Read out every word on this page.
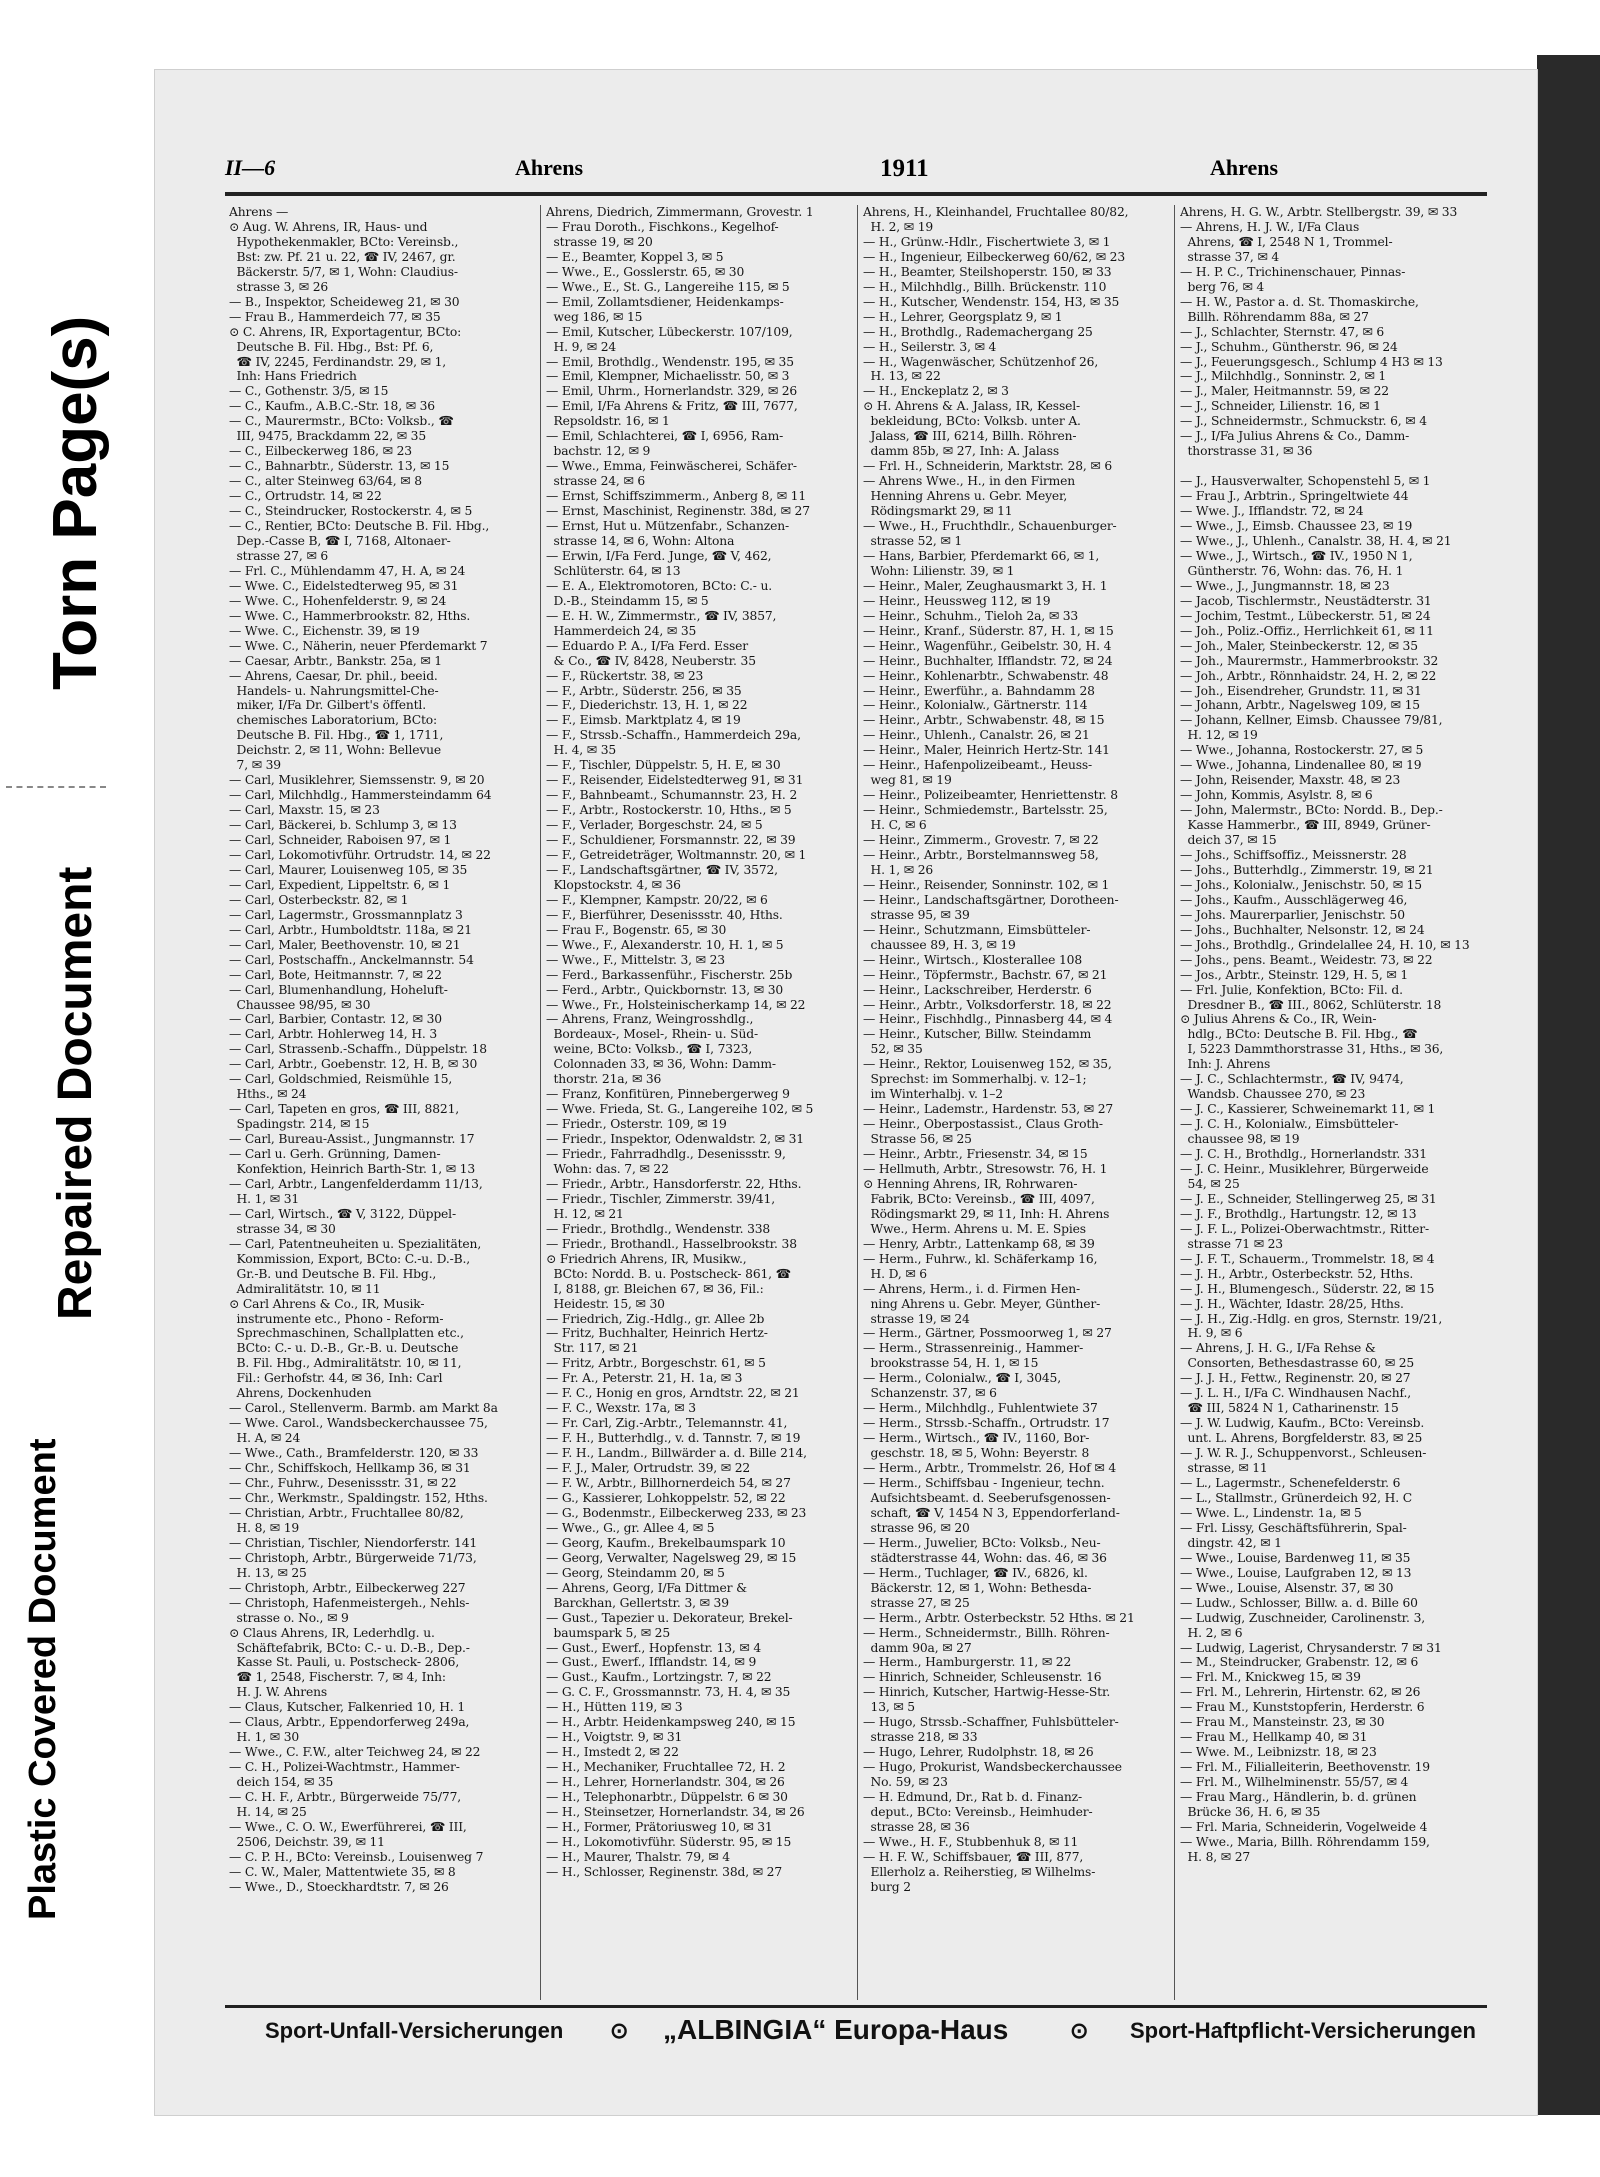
Torn Page(s)
Repaired Document
Plastic Covered Document
II—6	Ahrens	1911	Ahrens
Ahrens —
⊙ Aug. W. Ahrens, IR, Haus- und
Hypothekenmakler, BCto: Vereinsb.,
Bst: zw. Pf. 21 u. 22, ☎ IV, 2467, gr.
Bäckerstr. 5/7, ✉ 1, Wohn: Claudius-
strasse 3, ✉ 26
— B., Inspektor, Scheideweg 21, ✉ 30
— Frau B., Hammerdeich 77, ✉ 35
⊙ C. Ahrens, IR, Exportagentur, BCto:
Deutsche B. Fil. Hbg., Bst: Pf. 6,
☎ IV, 2245, Ferdinandstr. 29, ✉ 1,
Inh: Hans Friedrich
— C., Gothenstr. 3/5, ✉ 15
— C., Kaufm., A.B.C.-Str. 18, ✉ 36
— C., Maurermstr., BCto: Volksb., ☎
III, 9475, Brackdamm 22, ✉ 35
— C., Eilbeckerweg 186, ✉ 23
— C., Bahnarbtr., Süderstr. 13, ✉ 15
— C., alter Steinweg 63/64, ✉ 8
— C., Ortrudstr. 14, ✉ 22
— C., Steindrucker, Rostockerstr. 4, ✉ 5
— C., Rentier, BCto: Deutsche B. Fil. Hbg.,
Dep.-Casse B, ☎ I, 7168, Altonaer-
strasse 27, ✉ 6
— Frl. C., Mühlendamm 47, H. A, ✉ 24
— Wwe. C., Eidelstedterweg 95, ✉ 31
— Wwe. C., Hohenfelderstr. 9, ✉ 24
— Wwe. C., Hammerbrookstr. 82, Hths.
— Wwe. C., Eichenstr. 39, ✉ 19
— Wwe. C., Näherin, neuer Pferdemarkt 7
— Caesar, Arbtr., Bankstr. 25a, ✉ 1
— Ahrens, Caesar, Dr. phil., beeid.
Handels- u. Nahrungsmittel-Che-
miker, I/Fa Dr. Gilbert's öffentl.
chemisches Laboratorium, BCto:
Deutsche B. Fil. Hbg., ☎ 1, 1711,
Deichstr. 2, ✉ 11, Wohn: Bellevue
7, ✉ 39
— Carl, Musiklehrer, Siemssenstr. 9, ✉ 20
— Carl, Milchhdlg., Hammersteindamm 64
— Carl, Maxstr. 15, ✉ 23
— Carl, Bäckerei, b. Schlump 3, ✉ 13
— Carl, Schneider, Raboisen 97, ✉ 1
— Carl, Lokomotivführ. Ortrudstr. 14, ✉ 22
— Carl, Maurer, Louisenweg 105, ✉ 35
— Carl, Expedient, Lippeltstr. 6, ✉ 1
— Carl, Osterbeckstr. 82, ✉ 1
— Carl, Lagermstr., Grossmannplatz 3
— Carl, Arbtr., Humboldtstr. 118a, ✉ 21
— Carl, Maler, Beethovenstr. 10, ✉ 21
— Carl, Postschaffn., Anckelmannstr. 54
— Carl, Bote, Heitmannstr. 7, ✉ 22
— Carl, Blumenhandlung, Hoheluft-
Chaussee 98/95, ✉ 30
— Carl, Barbier, Contastr. 12, ✉ 30
— Carl, Arbtr. Hohlerweg 14, H. 3
— Carl, Strassenb.-Schaffn., Düppelstr. 18
— Carl, Arbtr., Goebenstr. 12, H. B, ✉ 30
— Carl, Goldschmied, Reismühle 15,
Hths., ✉ 24
— Carl, Tapeten en gros, ☎ III, 8821,
Spadingstr. 214, ✉ 15
— Carl, Bureau-Assist., Jungmannstr. 17
— Carl u. Gerh. Grünning, Damen-
Konfektion, Heinrich Barth-Str. 1, ✉ 13
— Carl, Arbtr., Langenfelderdamm 11/13,
H. 1, ✉ 31
— Carl, Wirtsch., ☎ V, 3122, Düppel-
strasse 34, ✉ 30
— Carl, Patentneuheiten u. Spezialitäten,
Kommission, Export, BCto: C.-u. D.-B.,
Gr.-B. und Deutsche B. Fil. Hbg.,
Admiralitätstr. 10, ✉ 11
⊙ Carl Ahrens & Co., IR, Musik-
instrumente etc., Phono - Reform-
Sprechmaschinen, Schallplatten etc.,
BCto: C.- u. D.-B., Gr.-B. u. Deutsche
B. Fil. Hbg., Admiralitätstr. 10, ✉ 11,
Fil.: Gerhofstr. 44, ✉ 36, Inh: Carl
Ahrens, Dockenhuden
— Carol., Stellenverm. Barmb. am Markt 8a
— Wwe. Carol., Wandsbeckerchaussee 75,
H. A, ✉ 24
— Wwe., Cath., Bramfelderstr. 120, ✉ 33
— Chr., Schiffskoch, Hellkamp 36, ✉ 31
— Chr., Fuhrw., Desenissstr. 31, ✉ 22
— Chr., Werkmstr., Spaldingstr. 152, Hths.
— Christian, Arbtr., Fruchtallee 80/82,
H. 8, ✉ 19
— Christian, Tischler, Niendorferstr. 141
— Christoph, Arbtr., Bürgerweide 71/73,
H. 13, ✉ 25
— Christoph, Arbtr., Eilbeckerweg 227
— Christoph, Hafenmeistergeh., Nehls-
strasse o. No., ✉ 9
⊙ Claus Ahrens, IR, Lederhdlg. u.
Schäftefabrik, BCto: C.- u. D.-B., Dep.-
Kasse St. Pauli, u. Postscheck- 2806,
☎ 1, 2548, Fischerstr. 7, ✉ 4, Inh:
H. J. W. Ahrens
— Claus, Kutscher, Falkenried 10, H. 1
— Claus, Arbtr., Eppendorferweg 249a,
H. 1, ✉ 30
— Wwe., C. F.W., alter Teichweg 24, ✉ 22
— C. H., Polizei-Wachtmstr., Hammer-
deich 154, ✉ 35
— C. H. F., Arbtr., Bürgerweide 75/77,
H. 14, ✉ 25
— Wwe., C. O. W., Ewerführerei, ☎ III,
2506, Deichstr. 39, ✉ 11
— C. P. H., BCto: Vereinsb., Louisenweg 7
— C. W., Maler, Mattentwiete 35, ✉ 8
— Wwe., D., Stoeckhardtstr. 7, ✉ 26
Ahrens, Diedrich, Zimmermann, Grovestr. 1
— Frau Doroth., Fischkons., Kegelhof-
strasse 19, ✉ 20
— E., Beamter, Koppel 3, ✉ 5
— Wwe., E., Gosslerstr. 65, ✉ 30
— Wwe., E., St. G., Langereihe 115, ✉ 5
— Emil, Zollamtsdiener, Heidenkamps-
weg 186, ✉ 15
— Emil, Kutscher, Lübeckerstr. 107/109,
H. 9, ✉ 24
— Emil, Brothdlg., Wendenstr. 195, ✉ 35
— Emil, Klempner, Michaelisstr. 50, ✉ 3
— Emil, Uhrm., Hornerlandstr. 329, ✉ 26
— Emil, I/Fa Ahrens & Fritz, ☎ III, 7677,
Repsoldstr. 16, ✉ 1
— Emil, Schlachterei, ☎ I, 6956, Ram-
bachstr. 12, ✉ 9
— Wwe., Emma, Feinwäscherei, Schäfer-
strasse 24, ✉ 6
— Ernst, Schiffszimmerm., Anberg 8, ✉ 11
— Ernst, Maschinist, Reginenstr. 38d, ✉ 27
— Ernst, Hut u. Mützenfabr., Schanzen-
strasse 14, ✉ 6, Wohn: Altona
— Erwin, I/Fa Ferd. Junge, ☎ V, 462,
Schlüterstr. 64, ✉ 13
— E. A., Elektromotoren, BCto: C.- u.
D.-B., Steindamm 15, ✉ 5
— E. H. W., Zimmermstr., ☎ IV, 3857,
Hammerdeich 24, ✉ 35
— Eduardo P. A., I/Fa Ferd. Esser
& Co., ☎ IV, 8428, Neuberstr. 35
— F., Rückertstr. 38, ✉ 23
— F., Arbtr., Süderstr. 256, ✉ 35
— F., Diederichstr. 13, H. 1, ✉ 22
— F., Eimsb. Marktplatz 4, ✉ 19
— F., Strssb.-Schaffn., Hammerdeich 29a,
H. 4, ✉ 35
— F., Tischler, Düppelstr. 5, H. E, ✉ 30
— F., Reisender, Eidelstedterweg 91, ✉ 31
— F., Bahnbeamt., Schumannstr. 23, H. 2
— F., Arbtr., Rostockerstr. 10, Hths., ✉ 5
— F., Verlader, Borgeschstr. 24, ✉ 5
— F., Schuldiener, Forsmannstr. 22, ✉ 39
— F., Getreideträger, Woltmannstr. 20, ✉ 1
— F., Landschaftsgärtner, ☎ IV, 3572,
Klopstockstr. 4, ✉ 36
— F., Klempner, Kampstr. 20/22, ✉ 6
— F., Bierführer, Desenissstr. 40, Hths.
— Frau F., Bogenstr. 65, ✉ 30
— Wwe., F., Alexanderstr. 10, H. 1, ✉ 5
— Wwe., F., Mittelstr. 3, ✉ 23
— Ferd., Barkassenführ., Fischerstr. 25b
— Ferd., Arbtr., Quickbornstr. 13, ✉ 30
— Wwe., Fr., Holsteinischerkamp 14, ✉ 22
— Ahrens, Franz, Weingrosshdlg.,
Bordeaux-, Mosel-, Rhein- u. Süd-
weine, BCto: Volksb., ☎ I, 7323,
Colonnaden 33, ✉ 36, Wohn: Damm-
thorstr. 21a, ✉ 36
— Franz, Konfitüren, Pinnebergerweg 9
— Wwe. Frieda, St. G., Langereihe 102, ✉ 5
— Friedr., Osterstr. 109, ✉ 19
— Friedr., Inspektor, Odenwaldstr. 2, ✉ 31
— Friedr., Fahrradhdlg., Desenissstr. 9,
Wohn: das. 7, ✉ 22
— Friedr., Arbtr., Hansdorferstr. 22, Hths.
— Friedr., Tischler, Zimmerstr. 39/41,
H. 12, ✉ 21
— Friedr., Brothdlg., Wendenstr. 338
— Friedr., Brothandl., Hasselbrookstr. 38
⊙ Friedrich Ahrens, IR, Musikw.,
BCto: Nordd. B. u. Postscheck- 861, ☎
I, 8188, gr. Bleichen 67, ✉ 36, Fil.:
Heidestr. 15, ✉ 30
— Friedrich, Zig.-Hdlg., gr. Allee 2b
— Fritz, Buchhalter, Heinrich Hertz-
Str. 117, ✉ 21
— Fritz, Arbtr., Borgeschstr. 61, ✉ 5
— Fr. A., Peterstr. 21, H. 1a, ✉ 3
— F. C., Honig en gros, Arndtstr. 22, ✉ 21
— F. C., Wexstr. 17a, ✉ 3
— Fr. Carl, Zig.-Arbtr., Telemannstr. 41,
— F. H., Butterhdlg., v. d. Tannstr. 7, ✉ 19
— F. H., Landm., Billwärder a. d. Bille 214,
— F. J., Maler, Ortrudstr. 39, ✉ 22
— F. W., Arbtr., Billhornerdeich 54, ✉ 27
— G., Kassierer, Lohkoppelstr. 52, ✉ 22
— G., Bodenmstr., Eilbeckerweg 233, ✉ 23
— Wwe., G., gr. Allee 4, ✉ 5
— Georg, Kaufm., Brekelbaumspark 10
— Georg, Verwalter, Nagelsweg 29, ✉ 15
— Georg, Steindamm 20, ✉ 5
— Ahrens, Georg, I/Fa Dittmer &
Barckhan, Gellertstr. 3, ✉ 39
— Gust., Tapezier u. Dekorateur, Brekel-
baumspark 5, ✉ 25
— Gust., Ewerf., Hopfenstr. 13, ✉ 4
— Gust., Ewerf., Ifflandstr. 14, ✉ 9
— Gust., Kaufm., Lortzingstr. 7, ✉ 22
— G. C. F., Grossmannstr. 73, H. 4, ✉ 35
— H., Hütten 119, ✉ 3
— H., Arbtr. Heidenkampsweg 240, ✉ 15
— H., Voigtstr. 9, ✉ 31
— H., Imstedt 2, ✉ 22
— H., Mechaniker, Fruchtallee 72, H. 2
— H., Lehrer, Hornerlandstr. 304, ✉ 26
— H., Telephonarbtr., Düppelstr. 6 ✉ 30
— H., Steinsetzer, Hornerlandstr. 34, ✉ 26
— H., Former, Prätoriusweg 10, ✉ 31
— H., Lokomotivführ. Süderstr. 95, ✉ 15
— H., Maurer, Thalstr. 79, ✉ 4
— H., Schlosser, Reginenstr. 38d, ✉ 27
Ahrens, H., Kleinhandel, Fruchtallee 80/82,
H. 2, ✉ 19
— H., Grünw.-Hdlr., Fischertwiete 3, ✉ 1
— H., Ingenieur, Eilbeckerweg 60/62, ✉ 23
— H., Beamter, Steilshoperstr. 150, ✉ 33
— H., Milchhdlg., Billh. Brückenstr. 110
— H., Kutscher, Wendenstr. 154, H3, ✉ 35
— H., Lehrer, Georgsplatz 9, ✉ 1
— H., Brothdlg., Rademachergang 25
— H., Seilerstr. 3, ✉ 4
— H., Wagenwäscher, Schützenhof 26,
H. 13, ✉ 22
— H., Enckeplatz 2, ✉ 3
⊙ H. Ahrens & A. Jalass, IR, Kessel-
bekleidung, BCto: Volksb. unter A.
Jalass, ☎ III, 6214, Billh. Röhren-
damm 85b, ✉ 27, Inh: A. Jalass
— Frl. H., Schneiderin, Marktstr. 28, ✉ 6
— Ahrens Wwe., H., in den Firmen
Henning Ahrens u. Gebr. Meyer,
Rödingsmarkt 29, ✉ 11
— Wwe., H., Fruchthdlr., Schauenburger-
strasse 52, ✉ 1
— Hans, Barbier, Pferdemarkt 66, ✉ 1,
Wohn: Lilienstr. 39, ✉ 1
— Heinr., Maler, Zeughausmarkt 3, H. 1
— Heinr., Heussweg 112, ✉ 19
— Heinr., Schuhm., Tieloh 2a, ✉ 33
— Heinr., Kranf., Süderstr. 87, H. 1, ✉ 15
— Heinr., Wagenführ., Geibelstr. 30, H. 4
— Heinr., Buchhalter, Ifflandstr. 72, ✉ 24
— Heinr., Kohlenarbtr., Schwabenstr. 48
— Heinr., Ewerführ., a. Bahndamm 28
— Heinr., Kolonialw., Gärtnerstr. 114
— Heinr., Arbtr., Schwabenstr. 48, ✉ 15
— Heinr., Uhlenh., Canalstr. 26, ✉ 21
— Heinr., Maler, Heinrich Hertz-Str. 141
— Heinr., Hafenpolizeibeamt., Heuss-
weg 81, ✉ 19
— Heinr., Polizeibeamter, Henriettenstr. 8
— Heinr., Schmiedemstr., Bartelsstr. 25,
H. C, ✉ 6
— Heinr., Zimmerm., Grovestr. 7, ✉ 22
— Heinr., Arbtr., Borstelmannsweg 58,
H. 1, ✉ 26
— Heinr., Reisender, Sonninstr. 102, ✉ 1
— Heinr., Landschaftsgärtner, Dorotheen-
strasse 95, ✉ 39
— Heinr., Schutzmann, Eimsbütteler-
chaussee 89, H. 3, ✉ 19
— Heinr., Wirtsch., Klosterallee 108
— Heinr., Töpfermstr., Bachstr. 67, ✉ 21
— Heinr., Lackschreiber, Herderstr. 6
— Heinr., Arbtr., Volksdorferstr. 18, ✉ 22
— Heinr., Fischhdlg., Pinnasberg 44, ✉ 4
— Heinr., Kutscher, Billw. Steindamm
52, ✉ 35
— Heinr., Rektor, Louisenweg 152, ✉ 35,
Sprechst: im Sommerhalbj. v. 12–1;
im Winterhalbj. v. 1–2
— Heinr., Lademstr., Hardenstr. 53, ✉ 27
— Heinr., Oberpostassist., Claus Groth-
Strasse 56, ✉ 25
— Heinr., Arbtr., Friesenstr. 34, ✉ 15
— Hellmuth, Arbtr., Stresowstr. 76, H. 1
⊙ Henning Ahrens, IR, Rohrwaren-
Fabrik, BCto: Vereinsb., ☎ III, 4097,
Rödingsmarkt 29, ✉ 11, Inh: H. Ahrens
Wwe., Herm. Ahrens u. M. E. Spies
— Henry, Arbtr., Lattenkamp 68, ✉ 39
— Herm., Fuhrw., kl. Schäferkamp 16,
H. D, ✉ 6
— Ahrens, Herm., i. d. Firmen Hen-
ning Ahrens u. Gebr. Meyer, Günther-
strasse 19, ✉ 24
— Herm., Gärtner, Possmoorweg 1, ✉ 27
— Herm., Strassenreinig., Hammer-
brookstrasse 54, H. 1, ✉ 15
— Herm., Colonialw., ☎ I, 3045,
Schanzenstr. 37, ✉ 6
— Herm., Milchhdlg., Fuhlentwiete 37
— Herm., Strssb.-Schaffn., Ortrudstr. 17
— Herm., Wirtsch., ☎ IV., 1160, Bor-
geschstr. 18, ✉ 5, Wohn: Beyerstr. 8
— Herm., Arbtr., Trommelstr. 26, Hof ✉ 4
— Herm., Schiffsbau - Ingenieur, techn.
Aufsichtsbeamt. d. Seeberufsgenossen-
schaft, ☎ V, 1454 N 3, Eppendorferland-
strasse 96, ✉ 20
— Herm., Juwelier, BCto: Volksb., Neu-
städterstrasse 44, Wohn: das. 46, ✉ 36
— Herm., Tuchlager, ☎ IV., 6826, kl.
Bäckerstr. 12, ✉ 1, Wohn: Bethesda-
strasse 27, ✉ 25
— Herm., Arbtr. Osterbeckstr. 52 Hths. ✉ 21
— Herm., Schneidermstr., Billh. Röhren-
damm 90a, ✉ 27
— Herm., Hamburgerstr. 11, ✉ 22
— Hinrich, Schneider, Schleusenstr. 16
— Hinrich, Kutscher, Hartwig-Hesse-Str.
13, ✉ 5
— Hugo, Strssb.-Schaffner, Fuhlsbütteler-
strasse 218, ✉ 33
— Hugo, Lehrer, Rudolphstr. 18, ✉ 26
— Hugo, Prokurist, Wandsbeckerchaussee
No. 59, ✉ 23
— H. Edmund, Dr., Rat b. d. Finanz-
deput., BCto: Vereinsb., Heimhuder-
strasse 28, ✉ 36
— Wwe., H. F., Stubbenhuk 8, ✉ 11
— H. F. W., Schiffsbauer, ☎ III, 877,
Ellerholz a. Reiherstieg, ✉ Wilhelms-
burg 2
Ahrens, H. G. W., Arbtr. Stellbergstr. 39, ✉ 33
— Ahrens, H. J. W., I/Fa Claus
Ahrens, ☎ I, 2548 N 1, Trommel-
strasse 37, ✉ 4
— H. P. C., Trichinenschauer, Pinnas-
berg 76, ✉ 4
— H. W., Pastor a. d. St. Thomaskirche,
Billh. Röhrendamm 88a, ✉ 27
— J., Schlachter, Sternstr. 47, ✉ 6
— J., Schuhm., Güntherstr. 96, ✉ 24
— J., Feuerungsgesch., Schlump 4 H3 ✉ 13
— J., Milchhdlg., Sonninstr. 2, ✉ 1
— J., Maler, Heitmannstr. 59, ✉ 22
— J., Schneider, Lilienstr. 16, ✉ 1
— J., Schneidermstr., Schmuckstr. 6, ✉ 4
— J., I/Fa Julius Ahrens & Co., Damm-
thorstrasse 31, ✉ 36

— J., Hausverwalter, Schopenstehl 5, ✉ 1
— Frau J., Arbtrin., Springeltwiete 44
— Wwe. J., Ifflandstr. 72, ✉ 24
— Wwe., J., Eimsb. Chaussee 23, ✉ 19
— Wwe., J., Uhlenh., Canalstr. 38, H. 4, ✉ 21
— Wwe., J., Wirtsch., ☎ IV., 1950 N 1,
Güntherstr. 76, Wohn: das. 76, H. 1
— Wwe., J., Jungmannstr. 18, ✉ 23
— Jacob, Tischlermstr., Neustädterstr. 31
— Jochim, Testmt., Lübeckerstr. 51, ✉ 24
— Joh., Poliz.-Offiz., Herrlichkeit 61, ✉ 11
— Joh., Maler, Steinbeckerstr. 12, ✉ 35
— Joh., Maurermstr., Hammerbrookstr. 32
— Joh., Arbtr., Rönnhaidstr. 24, H. 2, ✉ 22
— Joh., Eisendreher, Grundstr. 11, ✉ 31
— Johann, Arbtr., Nagelsweg 109, ✉ 15
— Johann, Kellner, Eimsb. Chaussee 79/81,
H. 12, ✉ 19
— Wwe., Johanna, Rostockerstr. 27, ✉ 5
— Wwe., Johanna, Lindenallee 80, ✉ 19
— John, Reisender, Maxstr. 48, ✉ 23
— John, Kommis, Asylstr. 8, ✉ 6
— John, Malermstr., BCto: Nordd. B., Dep.-
Kasse Hammerbr., ☎ III, 8949, Grüner-
deich 37, ✉ 15
— Johs., Schiffsoffiz., Meissnerstr. 28
— Johs., Butterhdlg., Zimmerstr. 19, ✉ 21
— Johs., Kolonialw., Jenischstr. 50, ✉ 15
— Johs., Kaufm., Ausschlägerweg 46,
— Johs. Maurerparlier, Jenischstr. 50
— Johs., Buchhalter, Nelsonstr. 12, ✉ 24
— Johs., Brothdlg., Grindelallee 24, H. 10, ✉ 13
— Johs., pens. Beamt., Weidestr. 73, ✉ 22
— Jos., Arbtr., Steinstr. 129, H. 5, ✉ 1
— Frl. Julie, Konfektion, BCto: Fil. d.
Dresdner B., ☎ III., 8062, Schlüterstr. 18
⊙ Julius Ahrens & Co., IR, Wein-
hdlg., BCto: Deutsche B. Fil. Hbg., ☎
I, 5223 Dammthorstrasse 31, Hths., ✉ 36,
Inh: J. Ahrens
— J. C., Schlachtermstr., ☎ IV, 9474,
Wandsb. Chaussee 270, ✉ 23
— J. C., Kassierer, Schweinemarkt 11, ✉ 1
— J. C. H., Kolonialw., Eimsbütteler-
chaussee 98, ✉ 19
— J. C. H., Brothdlg., Hornerlandstr. 331
— J. C. Heinr., Musiklehrer, Bürgerweide
54, ✉ 25
— J. E., Schneider, Stellingerweg 25, ✉ 31
— J. F., Brothdlg., Hartungstr. 12, ✉ 13
— J. F. L., Polizei-Oberwachtmstr., Ritter-
strasse 71 ✉ 23
— J. F. T., Schauerm., Trommelstr. 18, ✉ 4
— J. H., Arbtr., Osterbeckstr. 52, Hths.
— J. H., Blumengesch., Süderstr. 22, ✉ 15
— J. H., Wächter, Idastr. 28/25, Hths.
— J. H., Zig.-Hdlg. en gros, Sternstr. 19/21,
H. 9, ✉ 6
— Ahrens, J. H. G., I/Fa Rehse &
Consorten, Bethesdastrasse 60, ✉ 25
— J. J. H., Fettw., Reginenstr. 20, ✉ 27
— J. L. H., I/Fa C. Windhausen Nachf.,
☎ III, 5824 N 1, Catharinenstr. 15
— J. W. Ludwig, Kaufm., BCto: Vereinsb.
unt. L. Ahrens, Borgfelderstr. 83, ✉ 25
— J. W. R. J., Schuppenvorst., Schleusen-
strasse, ✉ 11
— L., Lagermstr., Schenefelderstr. 6
— L., Stallmstr., Grünerdeich 92, H. C
— Wwe. L., Lindenstr. 1a, ✉ 5
— Frl. Lissy, Geschäftsführerin, Spal-
dingstr. 42, ✉ 1
— Wwe., Louise, Bardenweg 11, ✉ 35
— Wwe., Louise, Laufgraben 12, ✉ 13
— Wwe., Louise, Alsenstr. 37, ✉ 30
— Ludw., Schlosser, Billw. a. d. Bille 60
— Ludwig, Zuschneider, Carolinenstr. 3,
H. 2, ✉ 6
— Ludwig, Lagerist, Chrysanderstr. 7 ✉ 31
— M., Steindrucker, Grabenstr. 12, ✉ 6
— Frl. M., Knickweg 15, ✉ 39
— Frl. M., Lehrerin, Hirtenstr. 62, ✉ 26
— Frau M., Kunststopferin, Herderstr. 6
— Frau M., Mansteinstr. 23, ✉ 30
— Frau M., Hellkamp 40, ✉ 31
— Wwe. M., Leibnizstr. 18, ✉ 23
— Frl. M., Filialleiterin, Beethovenstr. 19
— Frl. M., Wilhelminenstr. 55/57, ✉ 4
— Frau Marg., Händlerin, b. d. grünen
Brücke 36, H. 6, ✉ 35
— Frl. Maria, Schneiderin, Vogelweide 4
— Wwe., Maria, Billh. Röhrendamm 159,
H. 8, ✉ 27
Sport-Unfall-Versicherungen ⊙ „ALBINGIA“ Europa-Haus	⊙ Sport-Haftpflicht-Versicherungen
